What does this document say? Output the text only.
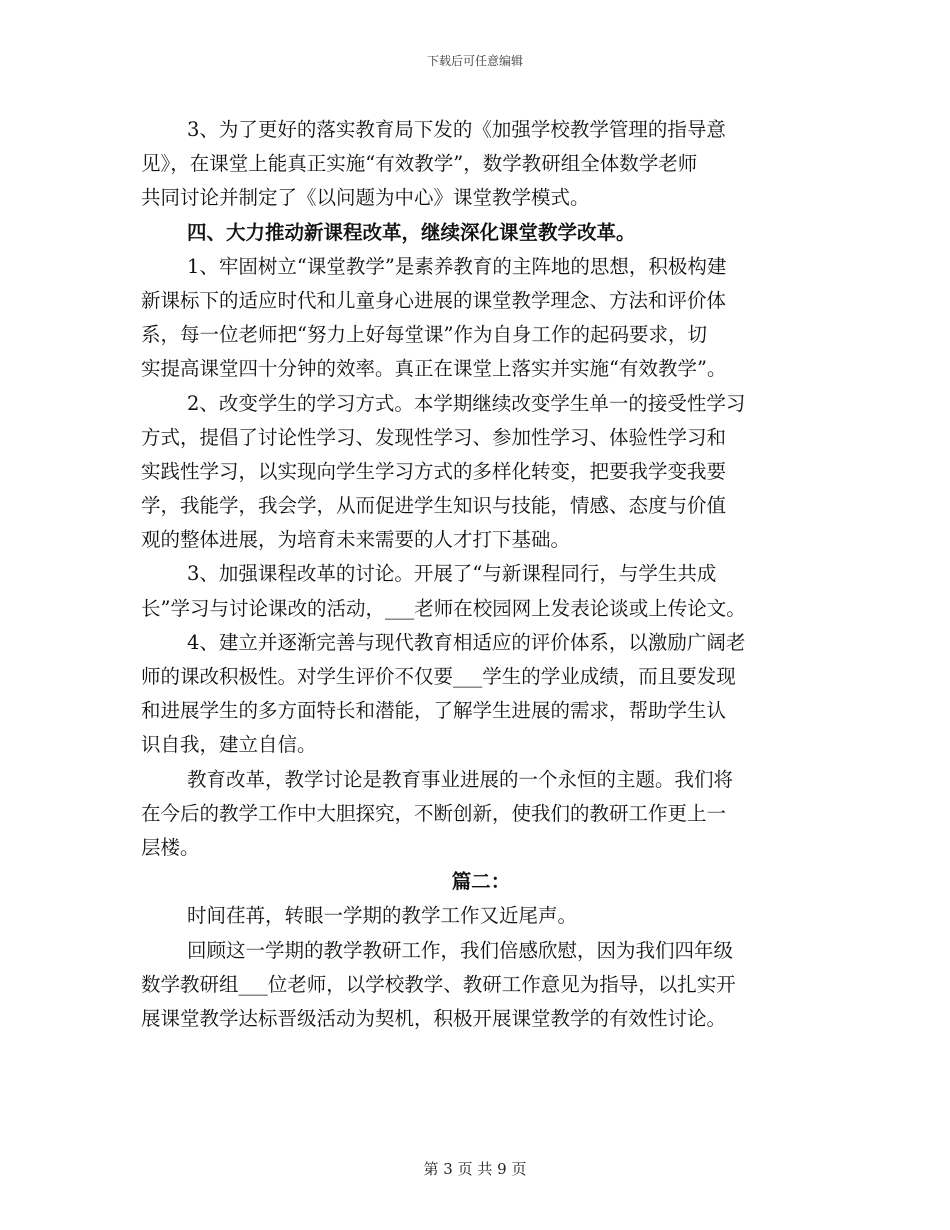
下载后可任意编辑
3、为了更好的落实教育局下发的《加强学校教学管理的指导意
见》，在课堂上能真正实施“有效教学”，数学教研组全体数学老师
共同讨论并制定了《以问题为中心》课堂教学模式。
四、大力推动新课程改革，继续深化课堂教学改革。
1、牢固树立“课堂教学”是素养教育的主阵地的思想，积极构建
新课标下的适应时代和儿童身心进展的课堂教学理念、方法和评价体
系，每一位老师把“努力上好每堂课”作为自身工作的起码要求，切
实提高课堂四十分钟的效率。真正在课堂上落实并实施“有效教学”。
2、改变学生的学习方式。本学期继续改变学生单一的接受性学习
方式，提倡了讨论性学习、发现性学习、参加性学习、体验性学习和
实践性学习，以实现向学生学习方式的多样化转变，把要我学变我要
学，我能学，我会学，从而促进学生知识与技能，情感、态度与价值
观的整体进展，为培育未来需要的人才打下基础。
3、加强课程改革的讨论。开展了“与新课程同行，与学生共成
长”学习与讨论课改的活动，___老师在校园网上发表论谈或上传论文。
4、建立并逐渐完善与现代教育相适应的评价体系，以激励广阔老
师的课改积极性。对学生评价不仅要___学生的学业成绩，而且要发现
和进展学生的多方面特长和潜能，了解学生进展的需求，帮助学生认
识自我，建立自信。
教育改革，教学讨论是教育事业进展的一个永恒的主题。我们将
在今后的教学工作中大胆探究，不断创新，使我们的教研工作更上一
层楼。
篇二：
时间荏苒，转眼一学期的教学工作又近尾声。
回顾这一学期的教学教研工作，我们倍感欣慰，因为我们四年级
数学教研组___位老师，以学校教学、教研工作意见为指导，以扎实开
展课堂教学达标晋级活动为契机，积极开展课堂教学的有效性讨论。
第 3 页 共 9 页
